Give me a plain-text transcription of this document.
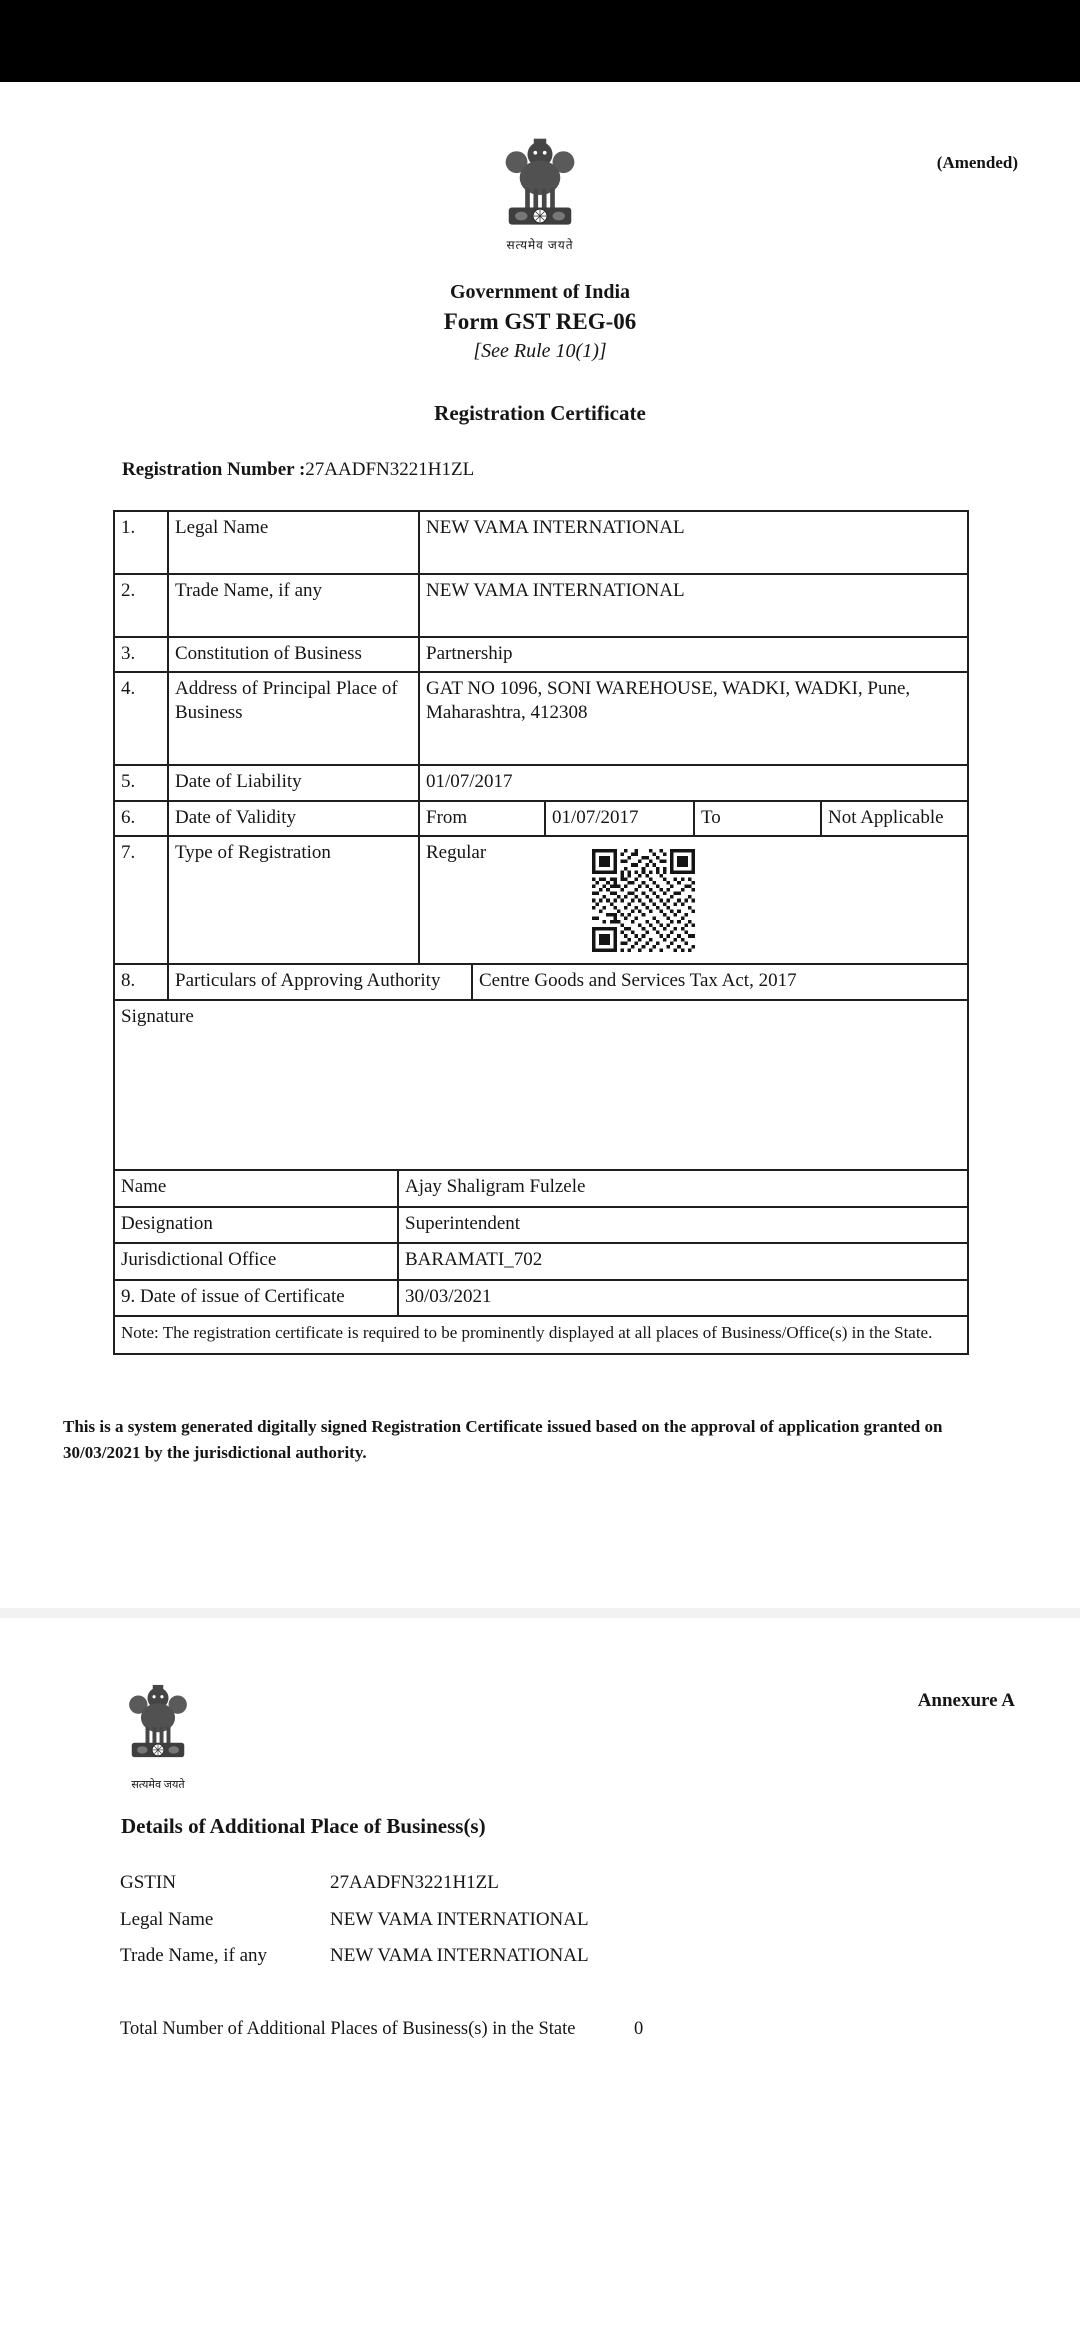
सत्यमेव जयते
(Amended)
Government of India
Form GST REG-06
[See Rule 10(1)]
Registration Certificate
Registration Number :27AADFN3221H1ZL
1.	Legal Name		NEW VAMA INTERNATIONAL				
2.	Trade Name, if any		NEW VAMA INTERNATIONAL				
3.	Constitution of Business		Partnership				
4.	Address of Principal Place of Business		GAT NO 1096, SONI WAREHOUSE, WADKI, WADKI, Pune, Maharashtra, 412308				
5.	Date of Liability		01/07/2017				
6.	Date of Validity		From		01/07/2017	To	Not Applicable
7.	Type of Registration		Regular				

8.	Particulars of Approving Authority			Centre Goods and Services Tax Act, 2017			
Signature							
Name		Ajay Shaligram Fulzele					
Designation		Superintendent					
Jurisdictional Office		BARAMATI_702					
9. Date of issue of Certificate		30/03/2021					
Note: The registration certificate is required to be prominently displayed at all places of Business/Office(s) in the State.							
This is a system generated digitally signed Registration Certificate issued based on the approval of application granted on 30/03/2021 by the jurisdictional authority.
सत्यमेव जयते
Annexure A
Details of Additional Place of Business(s)
GSTIN	27AADFN3221H1ZL
Legal Name	NEW VAMA INTERNATIONAL
Trade Name, if any	NEW VAMA INTERNATIONAL
Total Number of Additional Places of Business(s) in the State	0
